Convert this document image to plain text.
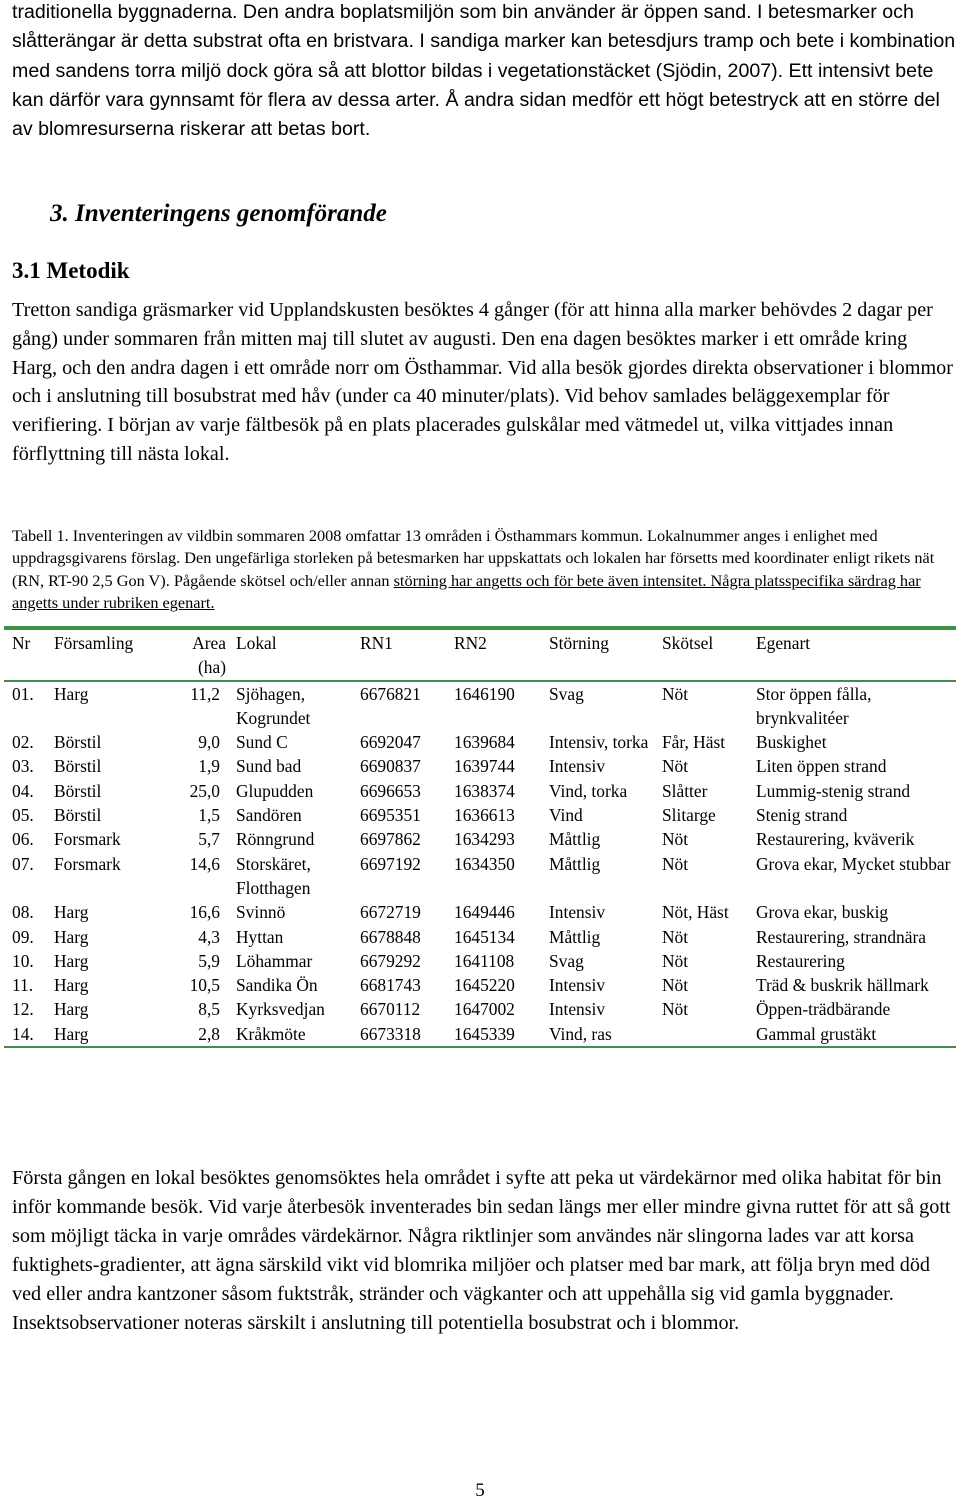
traditionella byggnaderna. Den andra boplatsmiljön som bin använder är öppen sand. I betesmarker och slåtterängar är detta substrat ofta en bristvara. I sandiga marker kan betesdjurs tramp och bete i kombination med sandens torra miljö dock göra så att blottor bildas i vegetationstäcket (Sjödin, 2007). Ett intensivt bete kan därför vara gynnsamt för flera av dessa arter. Å andra sidan medför ett högt betestryck att en större del av blomresurserna riskerar att betas bort.

3. Inventeringens genomförande
3.1 Metodik

Tretton sandiga gräsmarker vid Upplandskusten besöktes 4 gånger (för att hinna alla marker behövdes 2 dagar per gång) under sommaren från mitten maj till slutet av augusti. Den ena dagen besöktes marker i ett område kring Harg, och den andra dagen i ett område norr om Östhammar. Vid alla besök gjordes direkta observationer i blommor och i anslutning till bosubstrat med håv (under ca 40 minuter/plats). Vid behov samlades beläggexemplar för verifiering. I början av varje fältbesök på en plats placerades gulskålar med vätmedel ut, vilka vittjades innan förflyttning till nästa lokal.

Tabell 1. Inventeringen av vildbin sommaren 2008 omfattar 13 områden i Östhammars kommun. Lokalnummer anges i enlighet med uppdragsgivarens förslag. Den ungefärliga storleken på betesmarken har uppskattats och lokalen har försetts med koordinater enligt rikets nät (RN, RT-90 2,5 Gon V). Pågående skötsel och/eller annan störning har angetts och för bete även intensitet. Några platsspecifika särdrag har angetts under rubriken egenart.

Nr	Församling	Area (ha)	Lokal	RN1	RN2	Störning	Skötsel	Egenart
01.	Harg	11,2	Sjöhagen, Kogrundet	6676821	1646190	Svag	Nöt	Stor öppen fålla, brynkvalitéer
02.	Börstil	9,0	Sund C	6692047	1639684	Intensiv, torka	Får, Häst	Buskighet
03.	Börstil	1,9	Sund bad	6690837	1639744	Intensiv	Nöt	Liten öppen strand
04.	Börstil	25,0	Glupudden	6696653	1638374	Vind, torka	Slåtter	Lummig-stenig strand
05.	Börstil	1,5	Sandören	6695351	1636613	Vind	Slitarge	Stenig strand
06.	Forsmark	5,7	Rönngrund	6697862	1634293	Måttlig	Nöt	Restaurering, kväverik
07.	Forsmark	14,6	Storskäret, Flotthagen	6697192	1634350	Måttlig	Nöt	Grova ekar, Mycket stubbar
08.	Harg	16,6	Svinnö	6672719	1649446	Intensiv	Nöt, Häst	Grova ekar, buskig
09.	Harg	4,3	Hyttan	6678848	1645134	Måttlig	Nöt	Restaurering, strandnära
10.	Harg	5,9	Löhammar	6679292	1641108	Svag	Nöt	Restaurering
11.	Harg	10,5	Sandika Ön	6681743	1645220	Intensiv	Nöt	Träd & buskrik hällmark
12.	Harg	8,5	Kyrksvedjan	6670112	1647002	Intensiv	Nöt	Öppen-trädbärande
14.	Harg	2,8	Kråkmöte	6673318	1645339	Vind, ras		Gammal grustäkt

Första gången en lokal besöktes genomsöktes hela området i syfte att peka ut värdekärnor med olika habitat för bin inför kommande besök. Vid varje återbesök inventerades bin sedan längs mer eller mindre givna ruttet för att så gott som möjligt täcka in varje områdes värdekärnor. Några riktlinjer som användes när slingorna lades var att korsa fuktighets-gradienter, att ägna särskild vikt vid blomrika miljöer och platser med bar mark, att följa bryn med död ved eller andra kantzoner såsom fuktstråk, stränder och vägkanter och att uppehålla sig vid gamla byggnader. Insektsobservationer noteras särskilt i anslutning till potentiella bosubstrat och i blommor.

5
